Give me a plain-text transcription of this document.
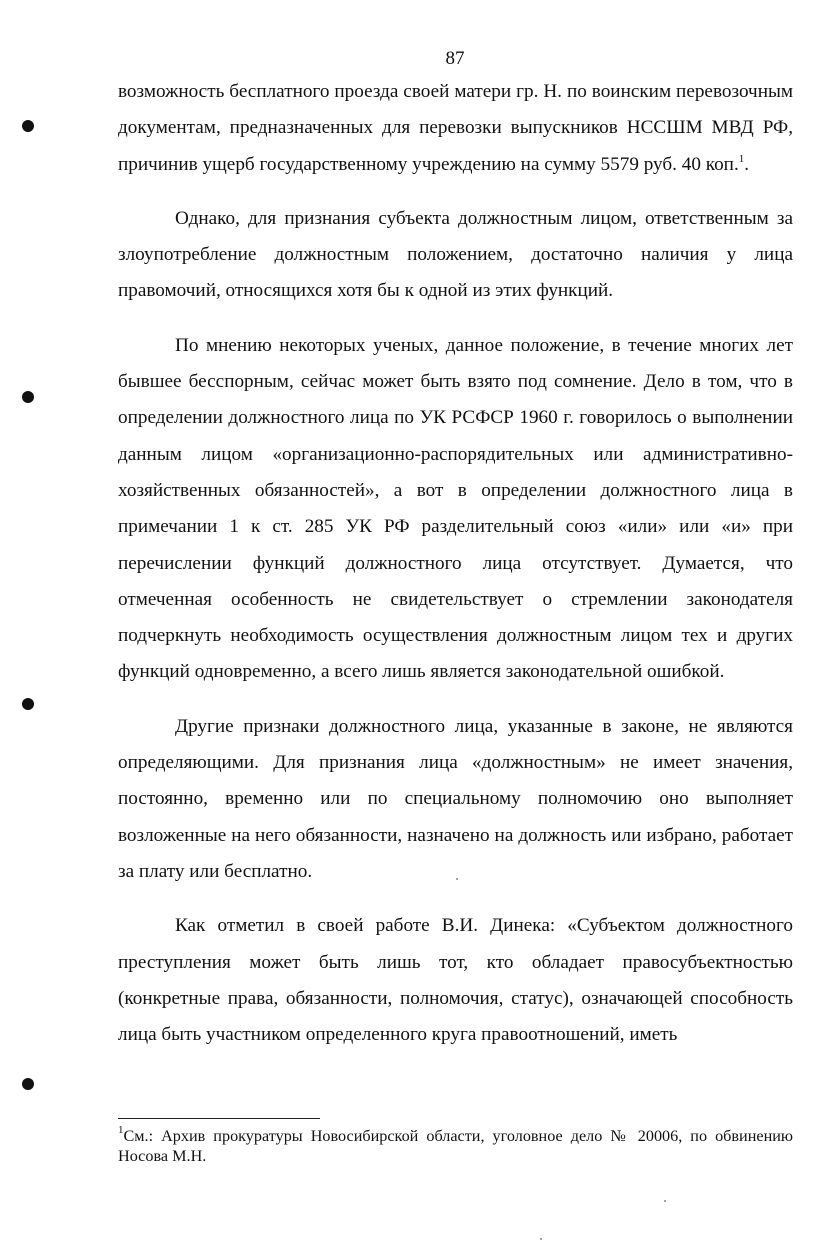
87

возможность бесплатного проезда своей матери гр. Н. по воинским перевозочным документам, предназначенных для перевозки выпускников НССШМ МВД РФ, причинив ущерб государственному учреждению на сумму 5579 руб. 40 коп.$^1$.

Однако, для признания субъекта должностным лицом, ответственным за злоупотребление должностным положением, достаточно наличия у лица правомочий, относящихся хотя бы к одной из этих функций.

По мнению некоторых ученых, данное положение, в течение многих лет бывшее бесспорным, сейчас может быть взято под сомнение. Дело в том, что в определении должностного лица по УК РСФСР 1960 г. говорилось о выполнении данным лицом «организационно-распорядительных или административно-хозяйственных обязанностей», а вот в определении должностного лица в примечании 1 к ст. 285 УК РФ разделительный союз «или» или «и» при перечислении функций должностного лица отсутствует. Думается, что отмеченная особенность не свидетельствует о стремлении законодателя подчеркнуть необходимость осуществления должностным лицом тех и других функций одновременно, а всего лишь является законодательной ошибкой.

Другие признаки должностного лица, указанные в законе, не являются определяющими. Для признания лица «должностным» не имеет значения, постоянно, временно или по специальному полномочию оно выполняет возложенные на него обязанности, назначено на должность или избрано, работает за плату или бесплатно.

Как отметил в своей работе В.И. Динека: «Субъектом должностного преступления может быть лишь тот, кто обладает правосубъектностью (конкретные права, обязанности, полномочия, статус), означающей способность лица быть участником определенного круга правоотношений, иметь

$^1$См.: Архив прокуратуры Новосибирской области, уголовное дело № 20006, по обвинению Носова М.Н.
